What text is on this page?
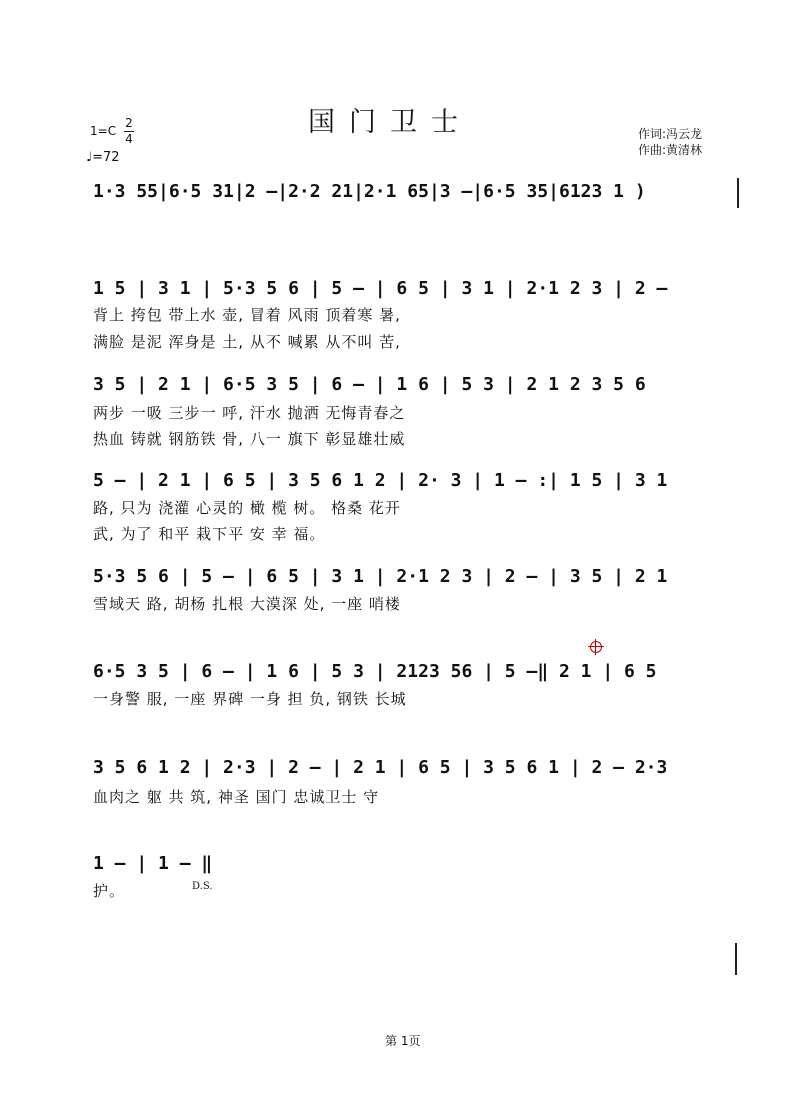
国门卫士
1=C
2
4
♩=72
作词:冯云龙
作曲:黄清林
1·3 55|6·5 31|2 –|2·2 21|2·1 65|3 –|6·5 35|6123 1 )
1 5 | 3 1 | 5·3 5 6 | 5 – | 6 5 | 3 1 | 2·1 2 3 | 2 –
背上 挎包 带上水 壶, 冒着 风雨 顶着寒 暑,
满脸 是泥 浑身是 土, 从不 喊累 从不叫 苦,
3 5 | 2 1 | 6·5 3 5 | 6 – | 1 6 | 5 3 | 2 1 2 3 5 6
两步 一吸 三步一 呼, 汗水 抛洒 无悔青春之
热血 铸就 钢筋铁 骨, 八一 旗下 彰显雄壮威
5 – | 2 1 | 6 5 | 3 5 6 1 2 | 2· 3 | 1 – :| 1 5 | 3 1
路, 只为 浇灌 心灵的 橄 榄 树。 格桑 花开
武, 为了 和平 栽下平 安 幸 福。
5·3 5 6 | 5 – | 6 5 | 3 1 | 2·1 2 3 | 2 – | 3 5 | 2 1
雪域天 路, 胡杨 扎根 大漠深 处, 一座 哨楼
6·5 3 5 | 6 – | 1 6 | 5 3 | 2123 56 | 5 –‖ 2 1 | 6 5
一身警 服, 一座 界碑 一身 担 负, 钢铁 长城
3 5 6 1 2 | 2·3 | 2 – | 2 1 | 6 5 | 3 5 6 1 | 2 – 2·3
血肉之 躯 共 筑, 神圣 国门 忠诚卫士 守
1 – | 1 – ‖
护。	D.S.
第 1页
